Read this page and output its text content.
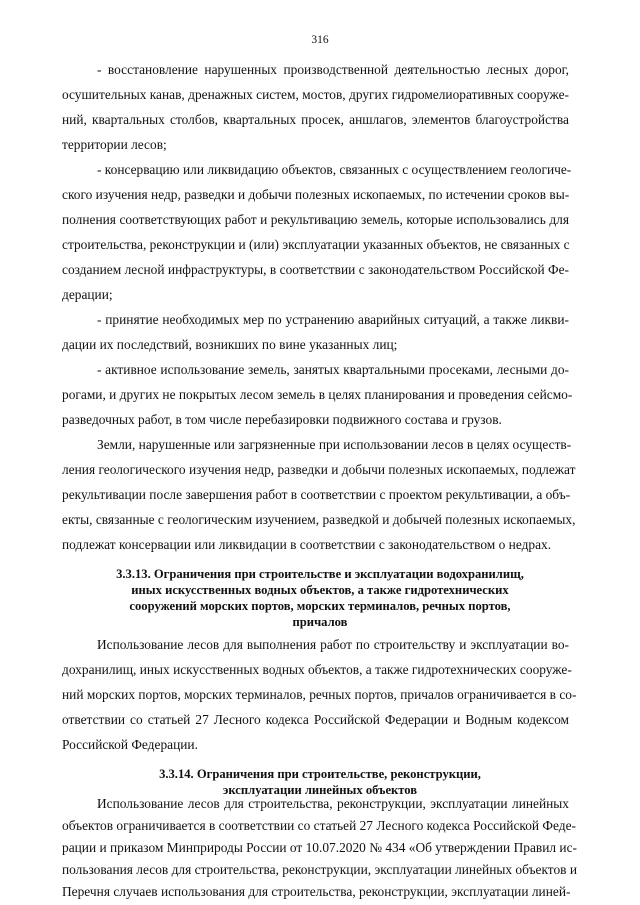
316
- восстановление нарушенных производственной деятельностью лесных дорог,
осушительных канав, дренажных систем, мостов, других гидромелиоративных сооруже-
ний, квартальных столбов, квартальных просек, аншлагов, элементов благоустройства
территории лесов;
- консервацию или ликвидацию объектов, связанных с осуществлением геологиче-
ского изучения недр, разведки и добычи полезных ископаемых, по истечении сроков вы-
полнения соответствующих работ и рекультивацию земель, которые использовались для
строительства, реконструкции и (или) эксплуатации указанных объектов, не связанных с
созданием лесной инфраструктуры, в соответствии с законодательством Российской Фе-
дерации;
- принятие необходимых мер по устранению аварийных ситуаций, а также ликви-
дации их последствий, возникших по вине указанных лиц;
- активное использование земель, занятых квартальными просеками, лесными до-
рогами, и других не покрытых лесом земель в целях планирования и проведения сейсмо-
разведочных работ, в том числе перебазировки подвижного состава и грузов.
Земли, нарушенные или загрязненные при использовании лесов в целях осуществ-
ления геологического изучения недр, разведки и добычи полезных ископаемых, подлежат
рекультивации после завершения работ в соответствии с проектом рекультивации, а объ-
екты, связанные с геологическим изучением, разведкой и добычей полезных ископаемых,
подлежат консервации или ликвидации в соответствии с законодательством о недрах.
3.3.13. Ограничения при строительстве и эксплуатации водохранилищ,
иных искусственных водных объектов, а также гидротехнических
сооружений морских портов, морских терминалов, речных портов,
причалов
Использование лесов для выполнения работ по строительству и эксплуатации во-
дохранилищ, иных искусственных водных объектов, а также гидротехнических сооруже-
ний морских портов, морских терминалов, речных портов, причалов ограничивается в со-
ответствии со статьей 27 Лесного кодекса Российской Федерации и Водным кодексом
Российской Федерации.
3.3.14. Ограничения при строительстве, реконструкции,
эксплуатации линейных объектов
Использование лесов для строительства, реконструкции, эксплуатации линейных
объектов ограничивается в соответствии со статьей 27 Лесного кодекса Российской Феде-
рации и приказом Минприроды России от 10.07.2020 № 434 «Об утверждении Правил ис-
пользования лесов для строительства, реконструкции, эксплуатации линейных объектов и
Перечня случаев использования для строительства, реконструкции, эксплуатации линей-
